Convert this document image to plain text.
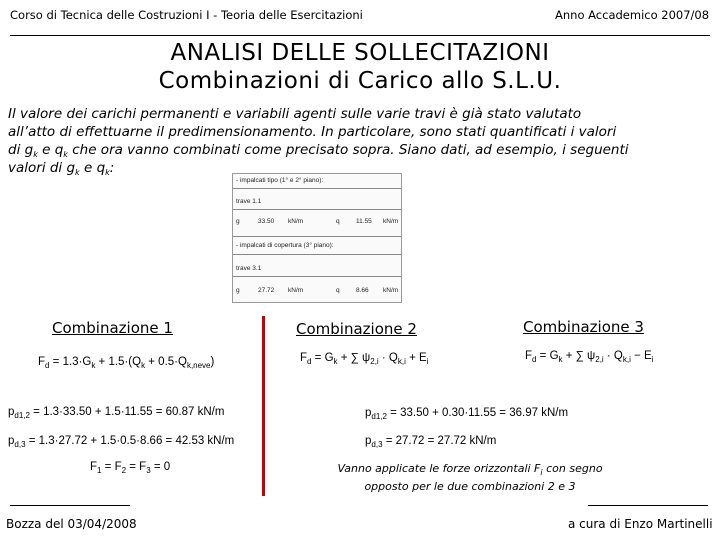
Corso di Tecnica delle Costruzioni I - Teoria delle Esercitazioni	Anno Accademico 2007/08
ANALISI DELLE SOLLECITAZIONI
Combinazioni di Carico allo S.L.U.
Il valore dei carichi permanenti e variabili agenti sulle varie travi è già stato valutato
all’atto di effettuarne il predimensionamento. In particolare, sono stati quantificati i valori
di $g_k$ e $q_k$ che ora vanno combinati come precisato sopra. Siano dati, ad esempio, i seguenti
valori di $g_k$ e $q_k$:
- impalcati tipo (1° e 2° piano):
trave 1.1
g	33.50 kN/m	q	11.55 kN/m
- impalcati di copertura (3° piano):
trave 3.1
g	27.72 kN/m	q	8.66 kN/m
Combinazione 1	Combinazione 2	Combinazione 3
$F_d = 1.3\cdot G_k + 1.5\cdot(Q_k + 0.5\cdot Q_{k,neve})$	$F_d = G_k$ + ∑ $\psi_{2,i} \cdot Q_{k,i} + E_i$	$F_d = G_k$ + ∑ $\psi_{2,i} \cdot Q_{k,i} - E_i$
$p_{d1,2} = 1.3\cdot 33.50 + 1.5\cdot 11.55 = 60.87$ kN/m
$p_{d,3} = 1.3\cdot 27.72 + 1.5\cdot 0.5\cdot 8.66 = 42.53$ kN/m
$F_1 = F_2 = F_3 = 0$
$p_{d1,2} = 33.50 + 0.30\cdot 11.55 = 36.97$ kN/m
$p_{d,3} = 27.72 = 27.72$ kN/m
Vanno applicate le forze orizzontali $F_i$ con segno
opposto per le due combinazioni 2 e 3
Bozza del 03/04/2008	a cura di Enzo Martinelli
